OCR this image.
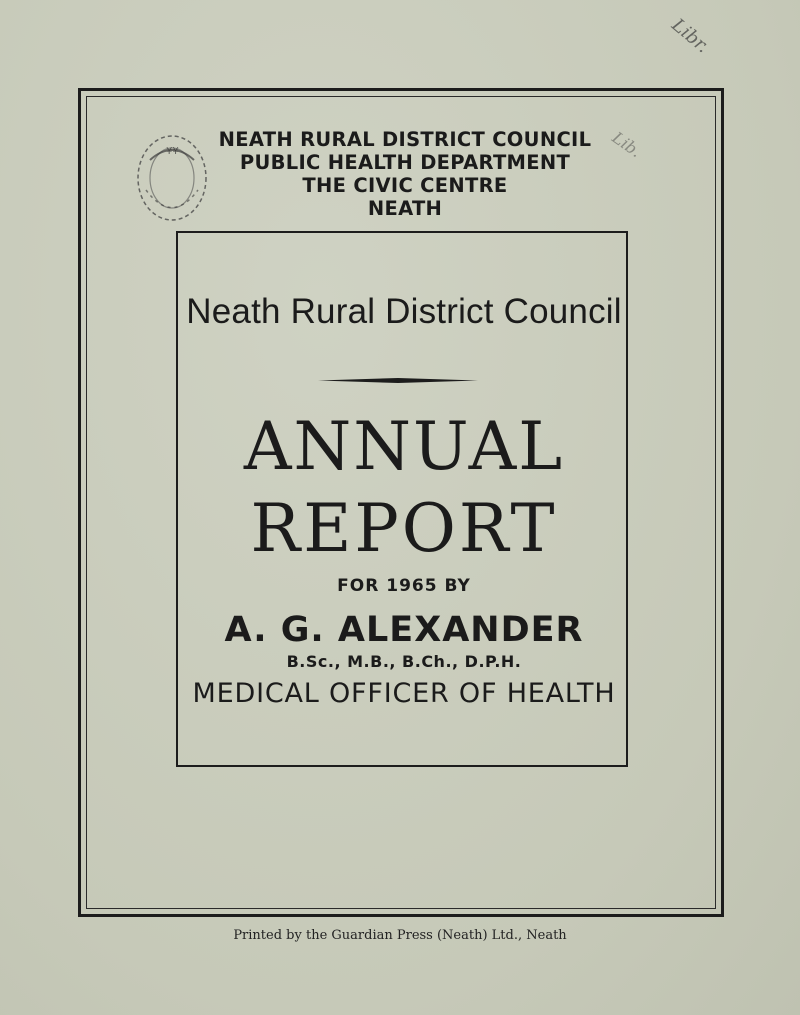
¥¥
Libr.
Lib.
NEATH RURAL DISTRICT COUNCIL
PUBLIC HEALTH DEPARTMENT
THE CIVIC CENTRE
NEATH
Neath Rural District Council
ANNUAL
REPORT
FOR 1965 BY
A. G. ALEXANDER
B.Sc., M.B., B.Ch., D.P.H.
MEDICAL OFFICER OF HEALTH
Printed by the Guardian Press (Neath) Ltd., Neath
